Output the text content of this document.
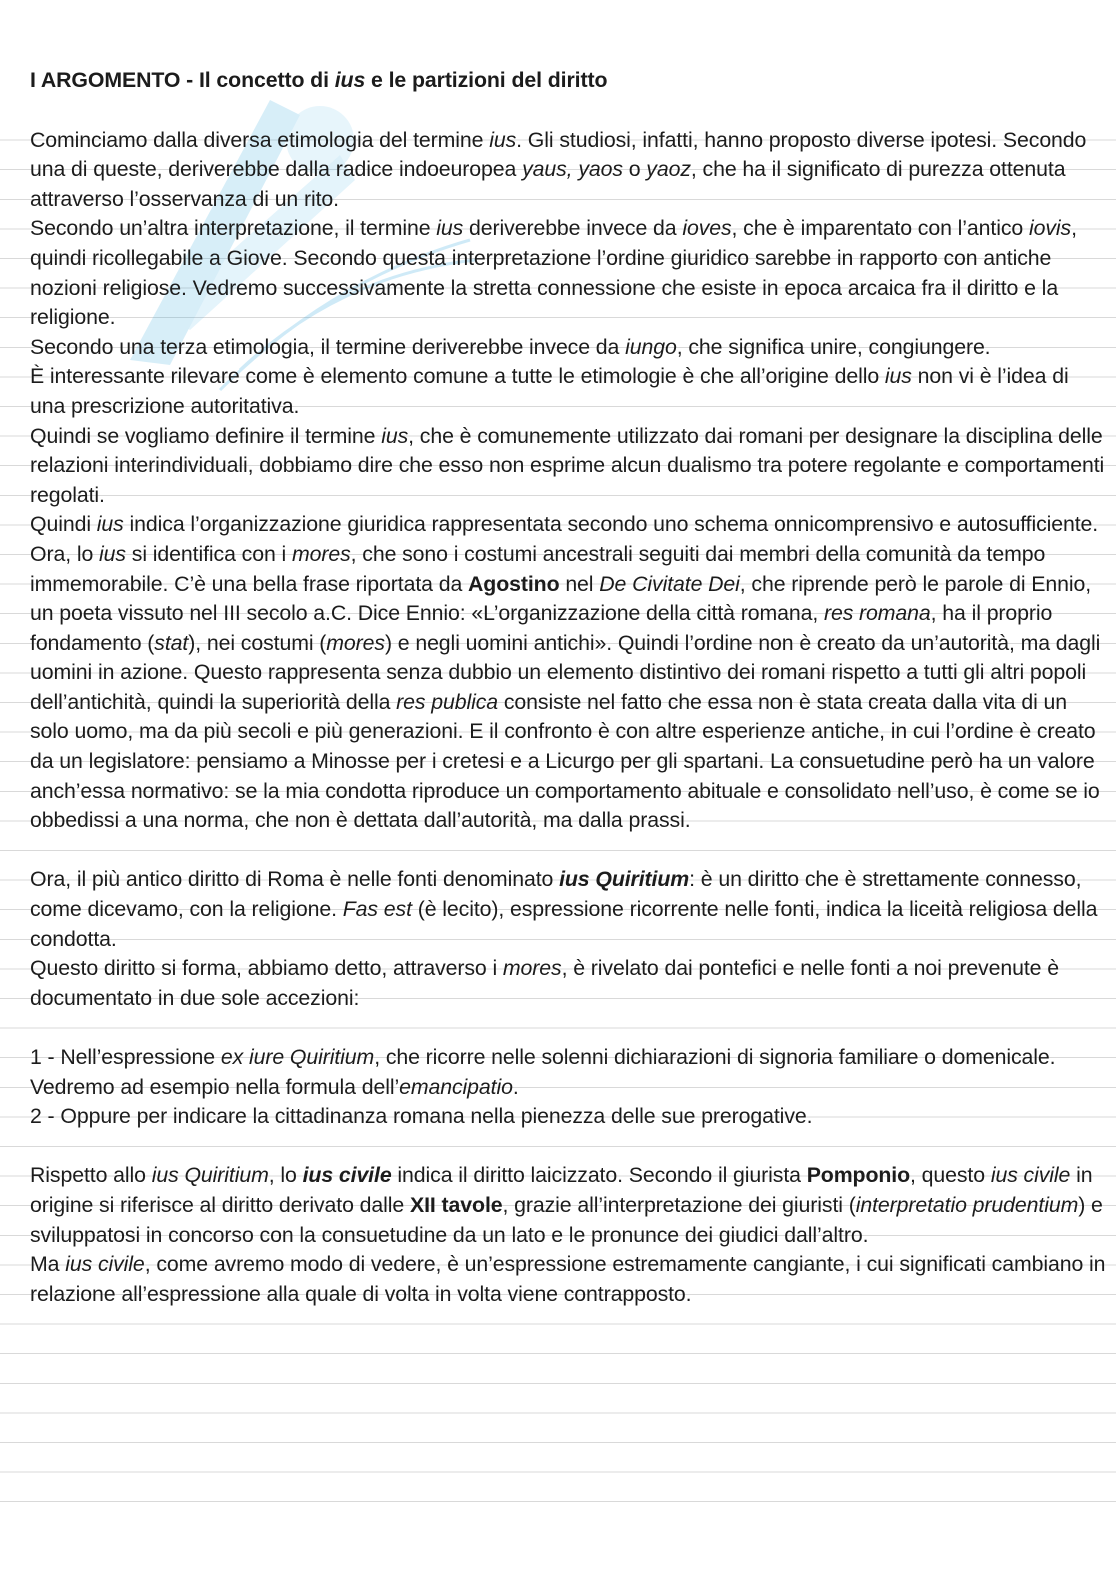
I ARGOMENTO - Il concetto di ius e le partizioni del diritto

Cominciamo dalla diversa etimologia del termine ius. Gli studiosi, infatti, hanno proposto diverse ipotesi. Secondo una di queste, deriverebbe dalla radice indoeuropea yaus, yaos o yaoz, che ha il significato di purezza ottenuta attraverso l’osservanza di un rito.

Secondo un’altra interpretazione, il termine ius deriverebbe invece da ioves, che è imparentato con l’antico iovis, quindi ricollegabile a Giove. Secondo questa interpretazione l’ordine giuridico sarebbe in rapporto con antiche nozioni religiose. Vedremo successivamente la stretta connessione che esiste in epoca arcaica fra il diritto e la religione.

Secondo una terza etimologia, il termine deriverebbe invece da iungo, che significa unire, congiungere.

È interessante rilevare come è elemento comune a tutte le etimologie è che all’origine dello ius non vi è l’idea di una prescrizione autoritativa.

Quindi se vogliamo definire il termine ius, che è comunemente utilizzato dai romani per designare la disciplina delle relazioni interindividuali, dobbiamo dire che esso non esprime alcun dualismo tra potere regolante e comportamenti regolati.

Quindi ius indica l’organizzazione giuridica rappresentata secondo uno schema onnicomprensivo e autosufficiente.

Ora, lo ius si identifica con i mores, che sono i costumi ancestrali seguiti dai membri della comunità da tempo immemorabile. C’è una bella frase riportata da Agostino nel De Civitate Dei, che riprende però le parole di Ennio, un poeta vissuto nel III secolo a.C. Dice Ennio: «L’organizzazione della città romana, res romana, ha il proprio fondamento (stat), nei costumi (mores) e negli uomini antichi». Quindi l’ordine non è creato da un’autorità, ma dagli uomini in azione. Questo rappresenta senza dubbio un elemento distintivo dei romani rispetto a tutti gli altri popoli dell’antichità, quindi la superiorità della res publica consiste nel fatto che essa non è stata creata dalla vita di un solo uomo, ma da più secoli e più generazioni. E il confronto è con altre esperienze antiche, in cui l’ordine è creato da un legislatore: pensiamo a Minosse per i cretesi e a Licurgo per gli spartani. La consuetudine però ha un valore anch’essa normativo: se la mia condotta riproduce un comportamento abituale e consolidato nell’uso, è come se io obbedissi a una norma, che non è dettata dall’autorità, ma dalla prassi.

Ora, il più antico diritto di Roma è nelle fonti denominato ius Quiritium: è un diritto che è strettamente connesso, come dicevamo, con la religione. Fas est (è lecito), espressione ricorrente nelle fonti, indica la liceità religiosa della condotta.

Questo diritto si forma, abbiamo detto, attraverso i mores, è rivelato dai pontefici e nelle fonti a noi prevenute è documentato in due sole accezioni:

1 - Nell’espressione ex iure Quiritium, che ricorre nelle solenni dichiarazioni di signoria familiare o domenicale. Vedremo ad esempio nella formula dell’emancipatio.

2 - Oppure per indicare la cittadinanza romana nella pienezza delle sue prerogative.

Rispetto allo ius Quiritium, lo ius civile indica il diritto laicizzato. Secondo il giurista Pomponio, questo ius civile in origine si riferisce al diritto derivato dalle XII tavole, grazie all’interpretazione dei giuristi (interpretatio prudentium) e sviluppatosi in concorso con la consuetudine da un lato e le pronunce dei giudici dall’altro.

Ma ius civile, come avremo modo di vedere, è un’espressione estremamente cangiante, i cui significati cambiano in relazione all’espressione alla quale di volta in volta viene contrapposto.
